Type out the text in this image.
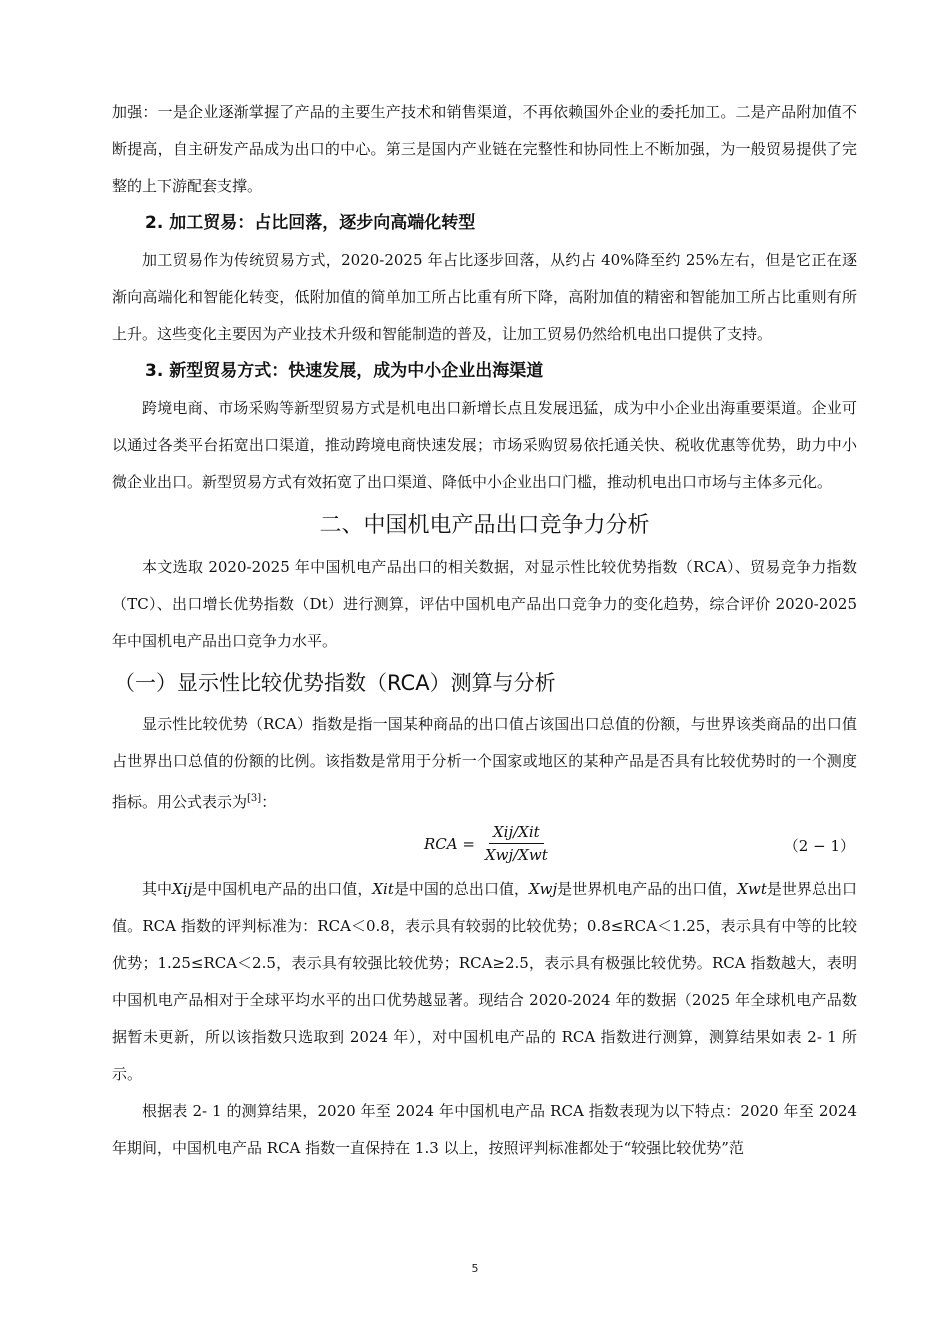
加强：一是企业逐渐掌握了产品的主要生产技术和销售渠道，不再依赖国外企业的委托加工。二是产品附加值不断提高，自主研发产品成为出口的中心。第三是国内产业链在完整性和协同性上不断加强，为一般贸易提供了完整的上下游配套支撑。

2. 加工贸易：占比回落，逐步向高端化转型

加工贸易作为传统贸易方式，2020-2025 年占比逐步回落，从约占 40%降至约 25%左右，但是它正在逐渐向高端化和智能化转变，低附加值的简单加工所占比重有所下降，高附加值的精密和智能加工所占比重则有所上升。这些变化主要因为产业技术升级和智能制造的普及，让加工贸易仍然给机电出口提供了支持。

3. 新型贸易方式：快速发展，成为中小企业出海渠道

跨境电商、市场采购等新型贸易方式是机电出口新增长点且发展迅猛，成为中小企业出海重要渠道。企业可以通过各类平台拓宽出口渠道，推动跨境电商快速发展；市场采购贸易依托通关快、税收优惠等优势，助力中小微企业出口。新型贸易方式有效拓宽了出口渠道、降低中小企业出口门槛，推动机电出口市场与主体多元化。

二、中国机电产品出口竞争力分析

本文选取 2020-2025 年中国机电产品出口的相关数据，对显示性比较优势指数（RCA）、贸易竞争力指数（TC）、出口增长优势指数（Dt）进行测算，评估中国机电产品出口竞争力的变化趋势，综合评价 2020-2025 年中国机电产品出口竞争力水平。

（一）显示性比较优势指数（RCA）测算与分析

显示性比较优势（RCA）指数是指一国某种商品的出口值占该国出口总值的份额，与世界该类商品的出口值占世界出口总值的份额的比例。该指数是常用于分析一个国家或地区的某种产品是否具有比较优势时的一个测度指标。用公式表示为[3]：

RCA = $\frac{\text{Xij/Xit}}{\text{Xwj/Xwt}}$	（2 − 1）

其中Xij是中国机电产品的出口值，Xit是中国的总出口值，Xwj是世界机电产品的出口值，Xwt是世界总出口值。RCA 指数的评判标准为：RCA＜0.8，表示具有较弱的比较优势；0.8≤RCA＜1.25，表示具有中等的比较优势；1.25≤RCA＜2.5，表示具有较强比较优势；RCA≥2.5，表示具有极强比较优势。RCA 指数越大，表明中国机电产品相对于全球平均水平的出口优势越显著。现结合 2020-2024 年的数据（2025 年全球机电产品数据暂未更新，所以该指数只选取到 2024 年），对中国机电产品的 RCA 指数进行测算，测算结果如表 2- 1 所示。

根据表 2- 1 的测算结果，2020 年至 2024 年中国机电产品 RCA 指数表现为以下特点：2020 年至 2024 年期间，中国机电产品 RCA 指数一直保持在 1.3 以上，按照评判标准都处于“较强比较优势”范

5
